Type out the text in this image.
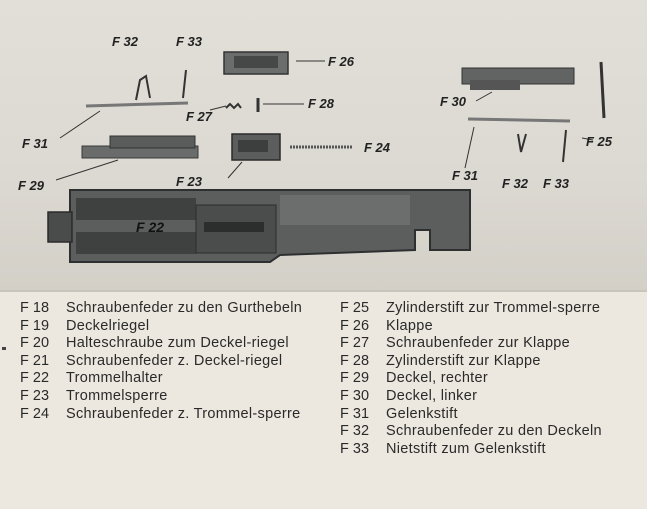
F 32	F 33
F 26
F 30
F 25
F 31
F 27
F 28
F 29
F 24
F 23
F 22
F 31
F 32 F 33
F 18	Schraubenfeder zu den Gurthebeln
F 19	Deckelriegel
F 20	Halteschraube zum Deckel-riegel
F 21	Schraubenfeder z. Deckel-riegel
F 22	Trommelhalter
F 23	Trommelsperre
F 24	Schraubenfeder z. Trommel-sperre
F 25	Zylinderstift zur Trommel-sperre
F 26	Klappe
F 27	Schraubenfeder zur Klappe
F 28	Zylinderstift zur Klappe
F 29	Deckel, rechter
F 30	Deckel, linker
F 31	Gelenkstift
F 32	Schraubenfeder zu den Deckeln
F 33	Nietstift zum Gelenkstift
